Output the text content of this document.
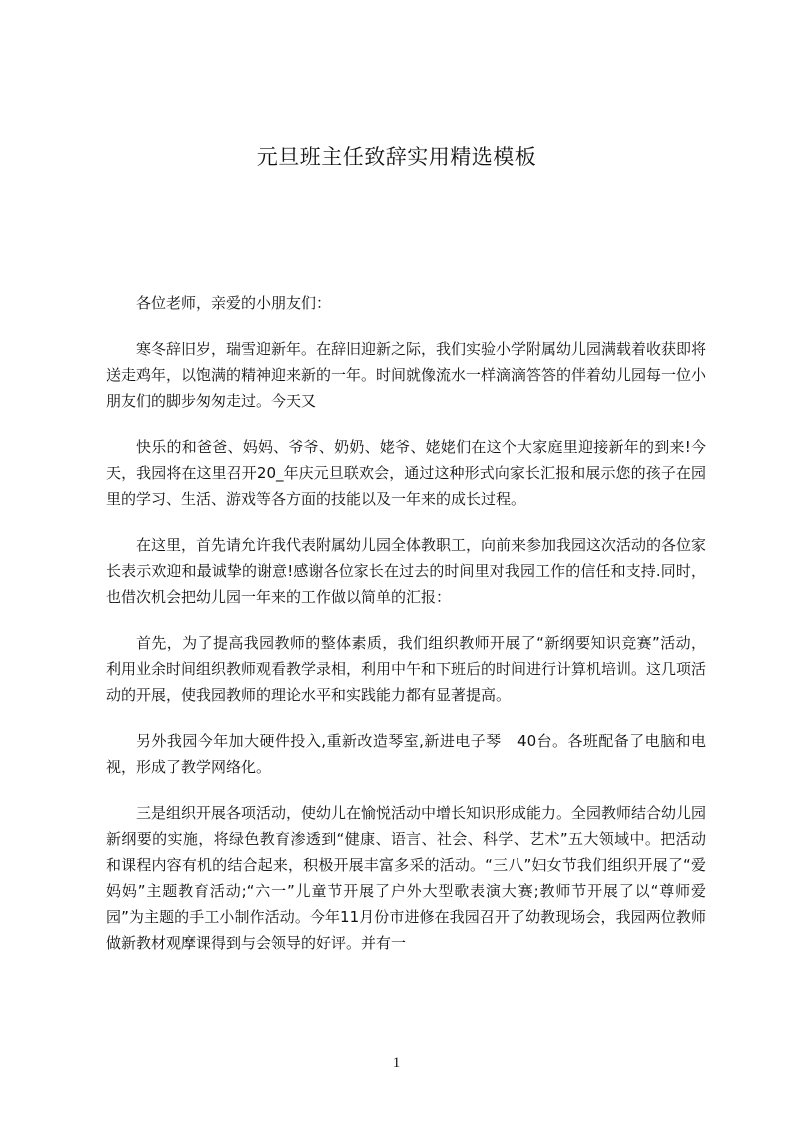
元旦班主任致辞实用精选模板

各位老师，亲爱的小朋友们：

寒冬辞旧岁，瑞雪迎新年。在辞旧迎新之际，我们实验小学附属幼儿园满载着收获即将送走鸡年，以饱满的精神迎来新的一年。时间就像流水一样滴滴答答的伴着幼儿园每一位小朋友们的脚步匆匆走过。今天又

快乐的和爸爸、妈妈、爷爷、奶奶、姥爷、姥姥们在这个大家庭里迎接新年的到来!今天，我园将在这里召开20_年庆元旦联欢会，通过这种形式向家长汇报和展示您的孩子在园里的学习、生活、游戏等各方面的技能以及一年来的成长过程。

在这里，首先请允许我代表附属幼儿园全体教职工，向前来参加我园这次活动的各位家长表示欢迎和最诚挚的谢意!感谢各位家长在过去的时间里对我园工作的信任和支持.同时，也借次机会把幼儿园一年来的工作做以简单的汇报：

首先，为了提高我园教师的整体素质，我们组织教师开展了“新纲要知识竞赛”活动，利用业余时间组织教师观看教学录相，利用中午和下班后的时间进行计算机培训。这几项活动的开展，使我园教师的理论水平和实践能力都有显著提高。

另外我园今年加大硬件投入,重新改造琴室,新进电子琴　40台。各班配备了电脑和电视，形成了教学网络化。

三是组织开展各项活动，使幼儿在愉悦活动中增长知识形成能力。全园教师结合幼儿园新纲要的实施，将绿色教育渗透到“健康、语言、社会、科学、艺术”五大领域中。把活动和课程内容有机的结合起来，积极开展丰富多采的活动。“三八”妇女节我们组织开展了“爱妈妈”主题教育活动;“六一”儿童节开展了户外大型歌表演大赛;教师节开展了以“尊师爱园”为主题的手工小制作活动。今年11月份市进修在我园召开了幼教现场会，我园两位教师做新教材观摩课得到与会领导的好评。并有一

1
